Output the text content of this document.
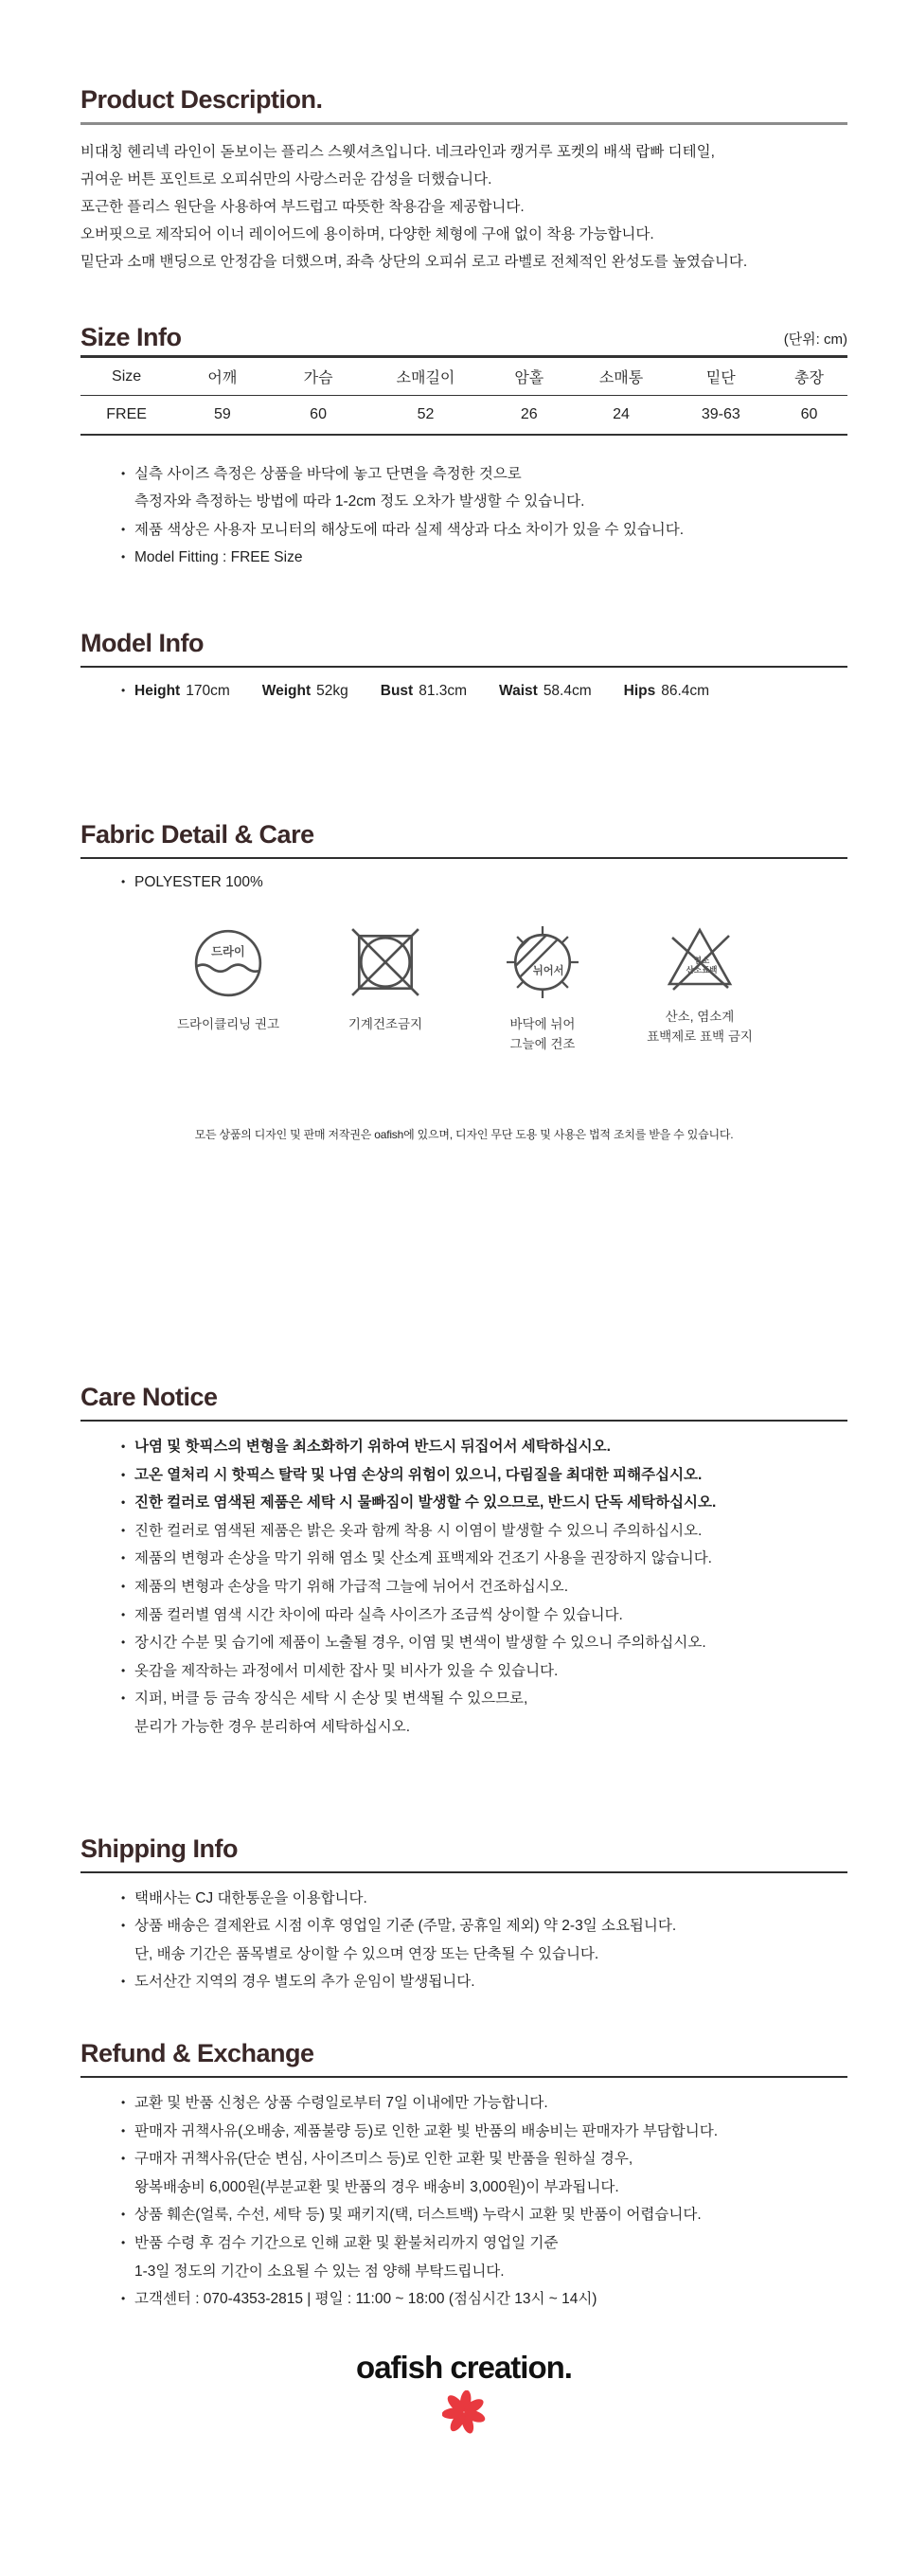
Product Description.
비대칭 헨리넥 라인이 돋보이는 플리스 스웻셔츠입니다. 네크라인과 캥거루 포켓의 배색 랍빠 디테일,
귀여운 버튼 포인트로 오피쉬만의 사랑스러운 감성을 더했습니다.
포근한 플리스 원단을 사용하여 부드럽고 따뜻한 착용감을 제공합니다.
오버핏으로 제작되어 이너 레이어드에 용이하며, 다양한 체형에 구애 없이 착용 가능합니다.
밑단과 소매 밴딩으로 안정감을 더했으며, 좌측 상단의 오피쉬 로고 라벨로 전체적인 완성도를 높였습니다.
Size Info	(단위: cm)
Size	어깨	가슴	소매길이	암홀	소매통	밑단	총장
FREE	59	60	52	26	24	39-63	60
• 실측 사이즈 측정은 상품을 바닥에 놓고 단면을 측정한 것으로
측정자와 측정하는 방법에 따라 1-2cm 정도 오차가 발생할 수 있습니다.
• 제품 색상은 사용자 모니터의 해상도에 따라 실제 색상과 다소 차이가 있을 수 있습니다.
• Model Fitting : FREE Size
Model Info
• Height 170cm Weight 52kg Bust 81.3cm Waist 58.4cm Hips 86.4cm
Fabric Detail & Care
• POLYESTER 100%
드라이
드라이클리닝 권고	기계건조금지
뉘어서
바닥에 뉘어
그늘에 건조
염소
산소표백
산소, 염소계
표백제로 표백 금지
모든 상품의 디자인 및 판매 저작권은 oafish에 있으며, 디자인 무단 도용 및 사용은 법적 조치를 받을 수 있습니다.
Care Notice
• 나염 및 핫픽스의 변형을 최소화하기 위하여 반드시 뒤집어서 세탁하십시오.
• 고온 열처리 시 핫픽스 탈락 및 나염 손상의 위험이 있으니, 다림질을 최대한 피해주십시오.
• 진한 컬러로 염색된 제품은 세탁 시 물빠짐이 발생할 수 있으므로, 반드시 단독 세탁하십시오.
• 진한 컬러로 염색된 제품은 밝은 옷과 함께 착용 시 이염이 발생할 수 있으니 주의하십시오.
• 제품의 변형과 손상을 막기 위해 염소 및 산소계 표백제와 건조기 사용을 권장하지 않습니다.
• 제품의 변형과 손상을 막기 위해 가급적 그늘에 뉘어서 건조하십시오.
• 제품 컬러별 염색 시간 차이에 따라 실측 사이즈가 조금씩 상이할 수 있습니다.
• 장시간 수분 및 습기에 제품이 노출될 경우, 이염 및 변색이 발생할 수 있으니 주의하십시오.
• 옷감을 제작하는 과정에서 미세한 잡사 및 비사가 있을 수 있습니다.
• 지퍼, 버클 등 금속 장식은 세탁 시 손상 및 변색될 수 있으므로,
분리가 가능한 경우 분리하여 세탁하십시오.
Shipping Info
• 택배사는 CJ 대한통운을 이용합니다.
• 상품 배송은 결제완료 시점 이후 영업일 기준 (주말, 공휴일 제외) 약 2-3일 소요됩니다.
단, 배송 기간은 품목별로 상이할 수 있으며 연장 또는 단축될 수 있습니다.
• 도서산간 지역의 경우 별도의 추가 운임이 발생됩니다.
Refund & Exchange
• 교환 및 반품 신청은 상품 수령일로부터 7일 이내에만 가능합니다.
• 판매자 귀책사유(오배송, 제품불량 등)로 인한 교환 빛 반품의 배송비는 판매자가 부담합니다.
• 구매자 귀책사유(단순 변심, 사이즈미스 등)로 인한 교환 및 반품을 원하실 경우,
왕복배송비 6,000원(부분교환 및 반품의 경우 배송비 3,000원)이 부과됩니다.
• 상품 훼손(얼룩, 수선, 세탁 등) 및 패키지(택, 더스트백) 누락시 교환 및 반품이 어렵습니다.
• 반품 수령 후 검수 기간으로 인해 교환 및 환불처리까지 영업일 기준
1-3일 정도의 기간이 소요될 수 있는 점 양해 부탁드립니다.
• 고객센터 : 070-4353-2815 | 평일 : 11:00 ~ 18:00 (점심시간 13시 ~ 14시)
oafish creation.
